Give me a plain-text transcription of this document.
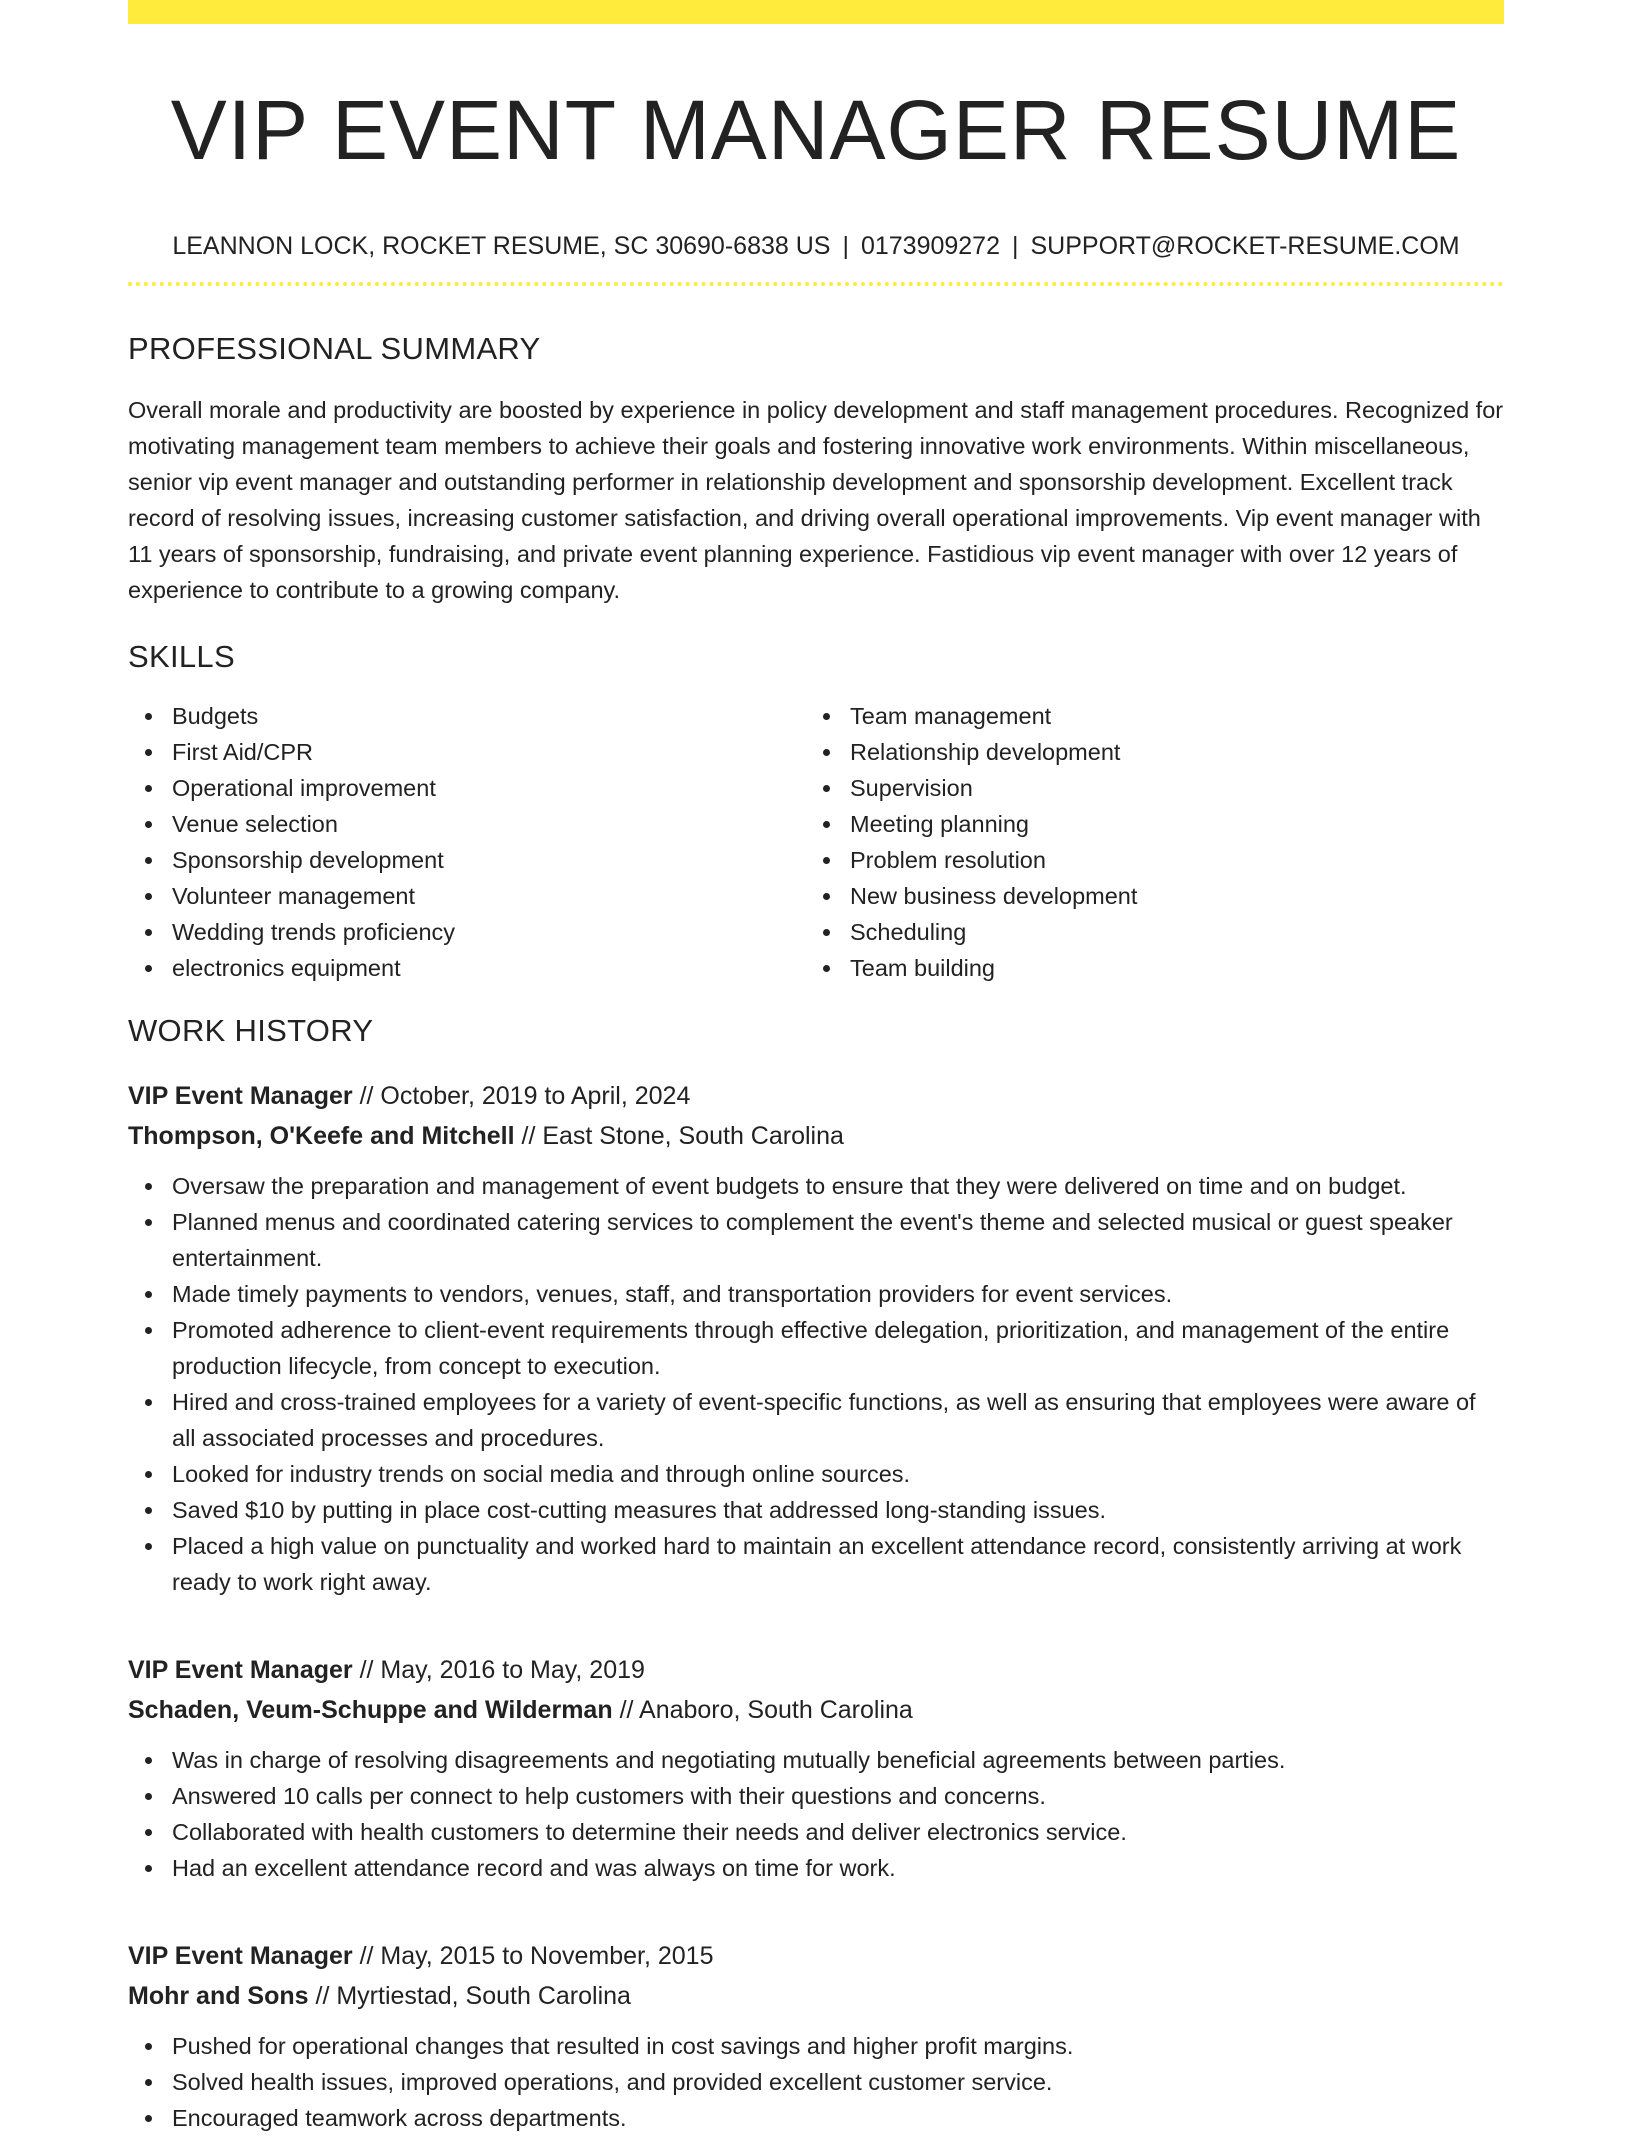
VIP EVENT MANAGER RESUME
LEANNON LOCK, ROCKET RESUME, SC 30690-6838 US | 0173909272 | SUPPORT@ROCKET-RESUME.COM
PROFESSIONAL SUMMARY

Overall morale and productivity are boosted by experience in policy development and staff management procedures. Recognized for motivating management team members to achieve their goals and fostering innovative work environments. Within miscellaneous, senior vip event manager and outstanding performer in relationship development and sponsorship development. Excellent track record of resolving issues, increasing customer satisfaction, and driving overall operational improvements. Vip event manager with 11 years of sponsorship, fundraising, and private event planning experience. Fastidious vip event manager with over 12 years of experience to contribute to a growing company.

SKILLS
Budgets
First Aid/CPR
Operational improvement
Venue selection
Sponsorship development
Volunteer management
Wedding trends proficiency
electronics equipment
Team management
Relationship development
Supervision
Meeting planning
Problem resolution
New business development
Scheduling
Team building
WORK HISTORY
VIP Event Manager // October, 2019 to April, 2024
Thompson, O'Keefe and Mitchell // East Stone, South Carolina
Oversaw the preparation and management of event budgets to ensure that they were delivered on time and on budget.
Planned menus and coordinated catering services to complement the event's theme and selected musical or guest speaker entertainment.
Made timely payments to vendors, venues, staff, and transportation providers for event services.
Promoted adherence to client-event requirements through effective delegation, prioritization, and management of the entire production lifecycle, from concept to execution.
Hired and cross-trained employees for a variety of event-specific functions, as well as ensuring that employees were aware of all associated processes and procedures.
Looked for industry trends on social media and through online sources.
Saved $10 by putting in place cost-cutting measures that addressed long-standing issues.
Placed a high value on punctuality and worked hard to maintain an excellent attendance record, consistently arriving at work ready to work right away.
VIP Event Manager // May, 2016 to May, 2019
Schaden, Veum-Schuppe and Wilderman // Anaboro, South Carolina
Was in charge of resolving disagreements and negotiating mutually beneficial agreements between parties.
Answered 10 calls per connect to help customers with their questions and concerns.
Collaborated with health customers to determine their needs and deliver electronics service.
Had an excellent attendance record and was always on time for work.
VIP Event Manager // May, 2015 to November, 2015
Mohr and Sons // Myrtiestad, South Carolina
Pushed for operational changes that resulted in cost savings and higher profit margins.
Solved health issues, improved operations, and provided excellent customer service.
Encouraged teamwork across departments.
